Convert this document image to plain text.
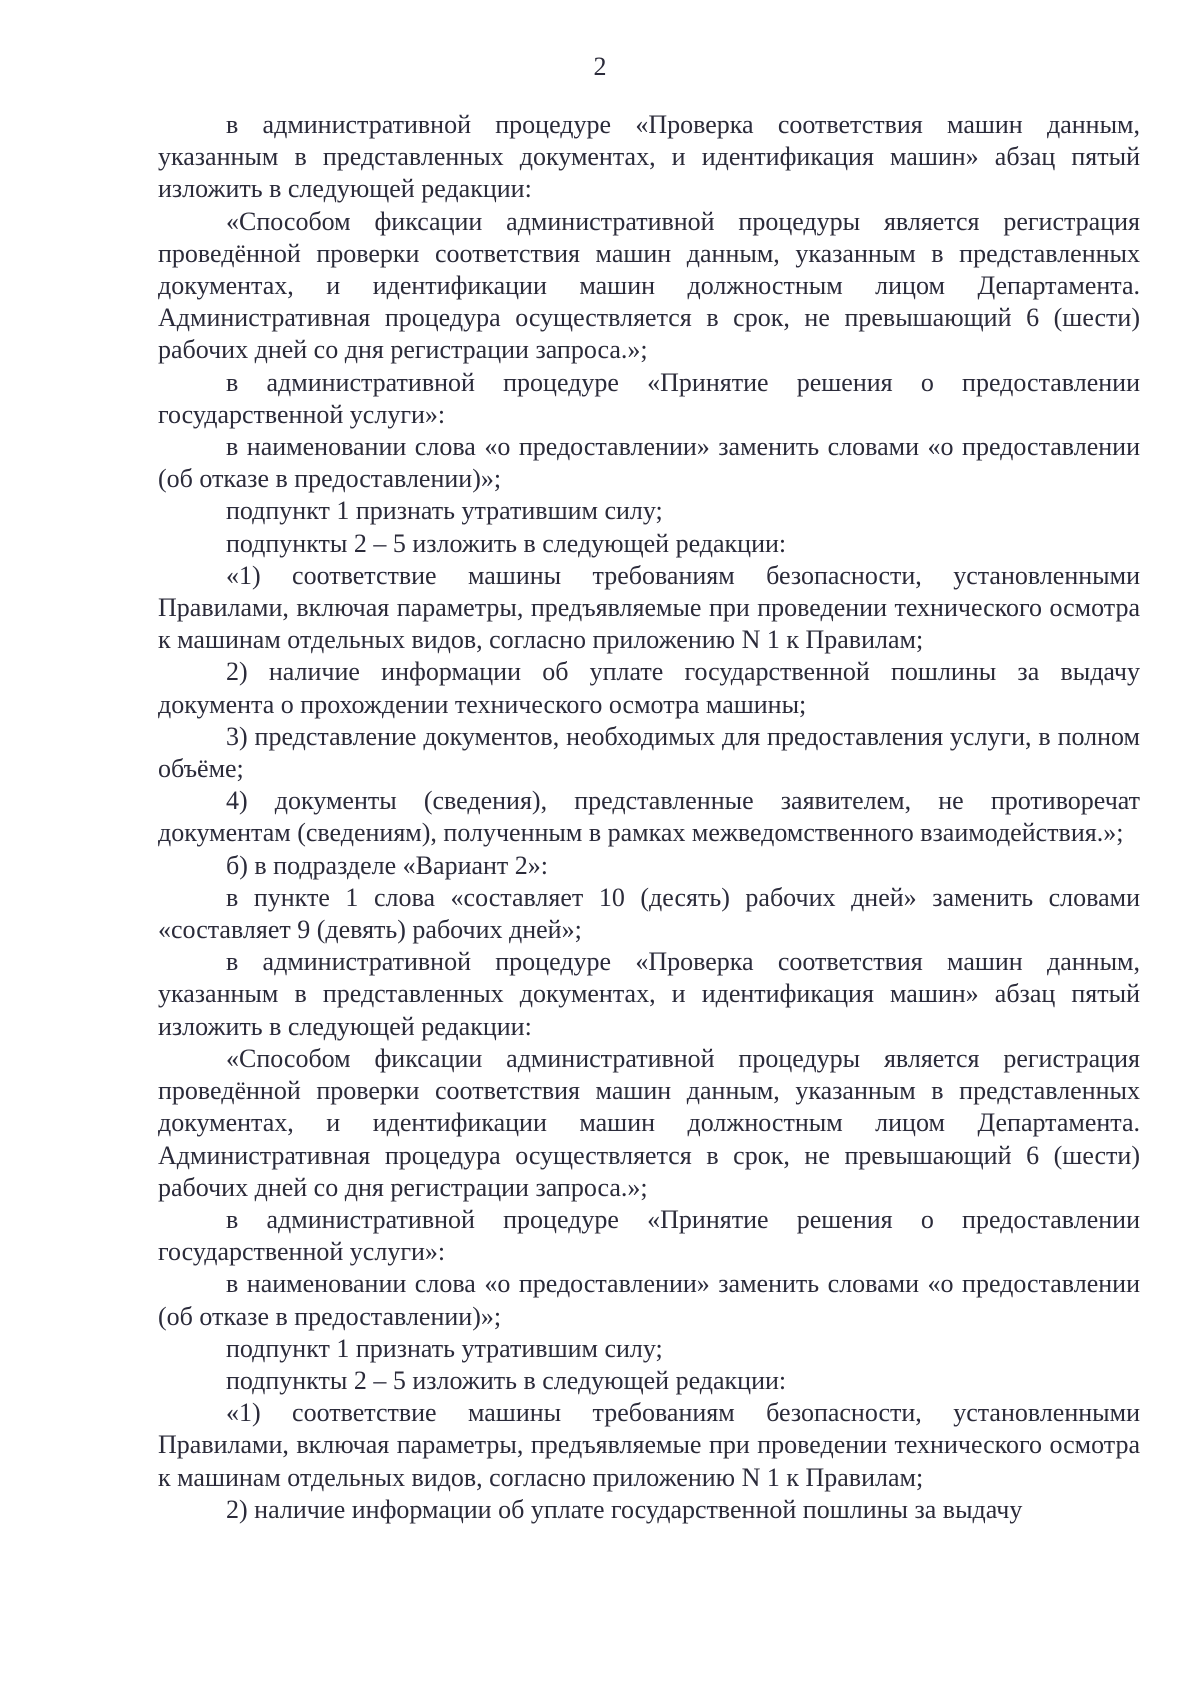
2

в административной процедуре «Проверка соответствия машин данным, указанным в представленных документах, и идентификация машин» абзац пятый изложить в следующей редакции:

«Способом фиксации административной процедуры является регистрация проведённой проверки соответствия машин данным, указанным в представленных документах, и идентификации машин должностным лицом Департамента. Административная процедура осуществляется в срок, не превышающий 6 (шести) рабочих дней со дня регистрации запроса.»;

в административной процедуре «Принятие решения о предоставлении государственной услуги»:

в наименовании слова «о предоставлении» заменить словами «о предоставлении (об отказе в предоставлении)»;

подпункт 1 признать утратившим силу;

подпункты 2 – 5 изложить в следующей редакции:

«1) соответствие машины требованиям безопасности, установленными Правилами, включая параметры, предъявляемые при проведении технического осмотра к машинам отдельных видов, согласно приложению N 1 к Правилам;

2) наличие информации об уплате государственной пошлины за выдачу документа о прохождении технического осмотра машины;

3) представление документов, необходимых для предоставления услуги, в полном объёме;

4) документы (сведения), представленные заявителем, не противоречат документам (сведениям), полученным в рамках межведомственного взаимодействия.»;

б) в подразделе «Вариант 2»:

в пункте 1 слова «составляет 10 (десять) рабочих дней» заменить словами «составляет 9 (девять) рабочих дней»;

в административной процедуре «Проверка соответствия машин данным, указанным в представленных документах, и идентификация машин» абзац пятый изложить в следующей редакции:

«Способом фиксации административной процедуры является регистрация проведённой проверки соответствия машин данным, указанным в представленных документах, и идентификации машин должностным лицом Департамента. Административная процедура осуществляется в срок, не превышающий 6 (шести) рабочих дней со дня регистрации запроса.»;

в административной процедуре «Принятие решения о предоставлении государственной услуги»:

в наименовании слова «о предоставлении» заменить словами «о предоставлении (об отказе в предоставлении)»;

подпункт 1 признать утратившим силу;

подпункты 2 – 5 изложить в следующей редакции:

«1) соответствие машины требованиям безопасности, установленными Правилами, включая параметры, предъявляемые при проведении технического осмотра к машинам отдельных видов, согласно приложению N 1 к Правилам;

2) наличие информации об уплате государственной пошлины за выдачу
